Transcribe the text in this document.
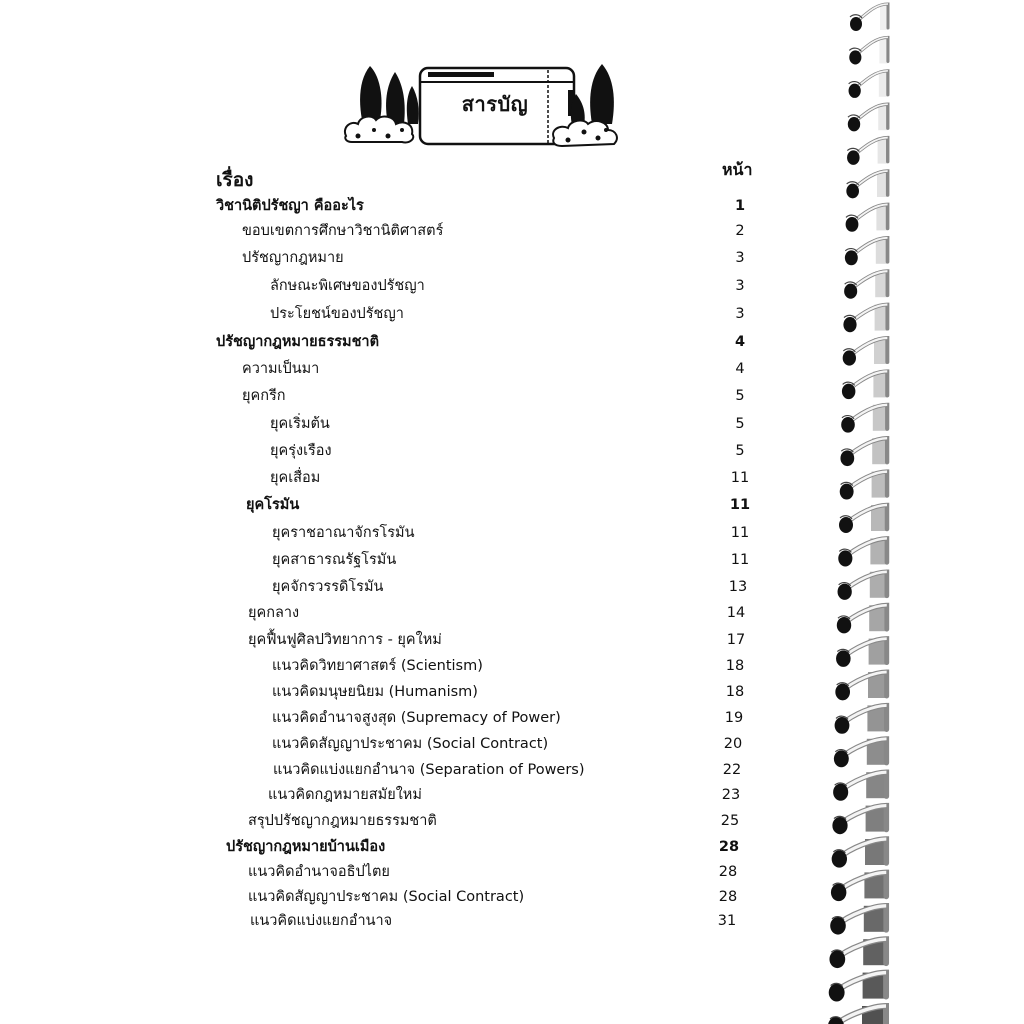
สารบัญ
เรื่อง	หน้า
วิชานิติปรัชญา คืออะไร	1
ขอบเขตการศึกษาวิชานิติศาสตร์	2
ปรัชญากฎหมาย	3
ลักษณะพิเศษของปรัชญา	3
ประโยชน์ของปรัชญา	3
ปรัชญากฎหมายธรรมชาติ	4
ความเป็นมา	4
ยุคกรีก	5
ยุคเริ่มต้น	5
ยุครุ่งเรือง	5
ยุคเสื่อม	11
ยุคโรมัน	11
ยุคราชอาณาจักรโรมัน	11
ยุคสาธารณรัฐโรมัน	11
ยุคจักรวรรดิโรมัน	13
ยุคกลาง	14
ยุคฟื้นฟูศิลปวิทยาการ - ยุคใหม่	17
แนวคิดวิทยาศาสตร์ (Scientism)	18
แนวคิดมนุษยนิยม (Humanism)	18
แนวคิดอำนาจสูงสุด (Supremacy of Power)	19
แนวคิดสัญญาประชาคม (Social Contract)	20
แนวคิดแบ่งแยกอำนาจ (Separation of Powers)	22
แนวคิดกฎหมายสมัยใหม่	23
สรุปปรัชญากฎหมายธรรมชาติ	25
ปรัชญากฎหมายบ้านเมือง	28
แนวคิดอำนาจอธิปไตย	28
แนวคิดสัญญาประชาคม (Social Contract)	28
แนวคิดแบ่งแยกอำนาจ	31
